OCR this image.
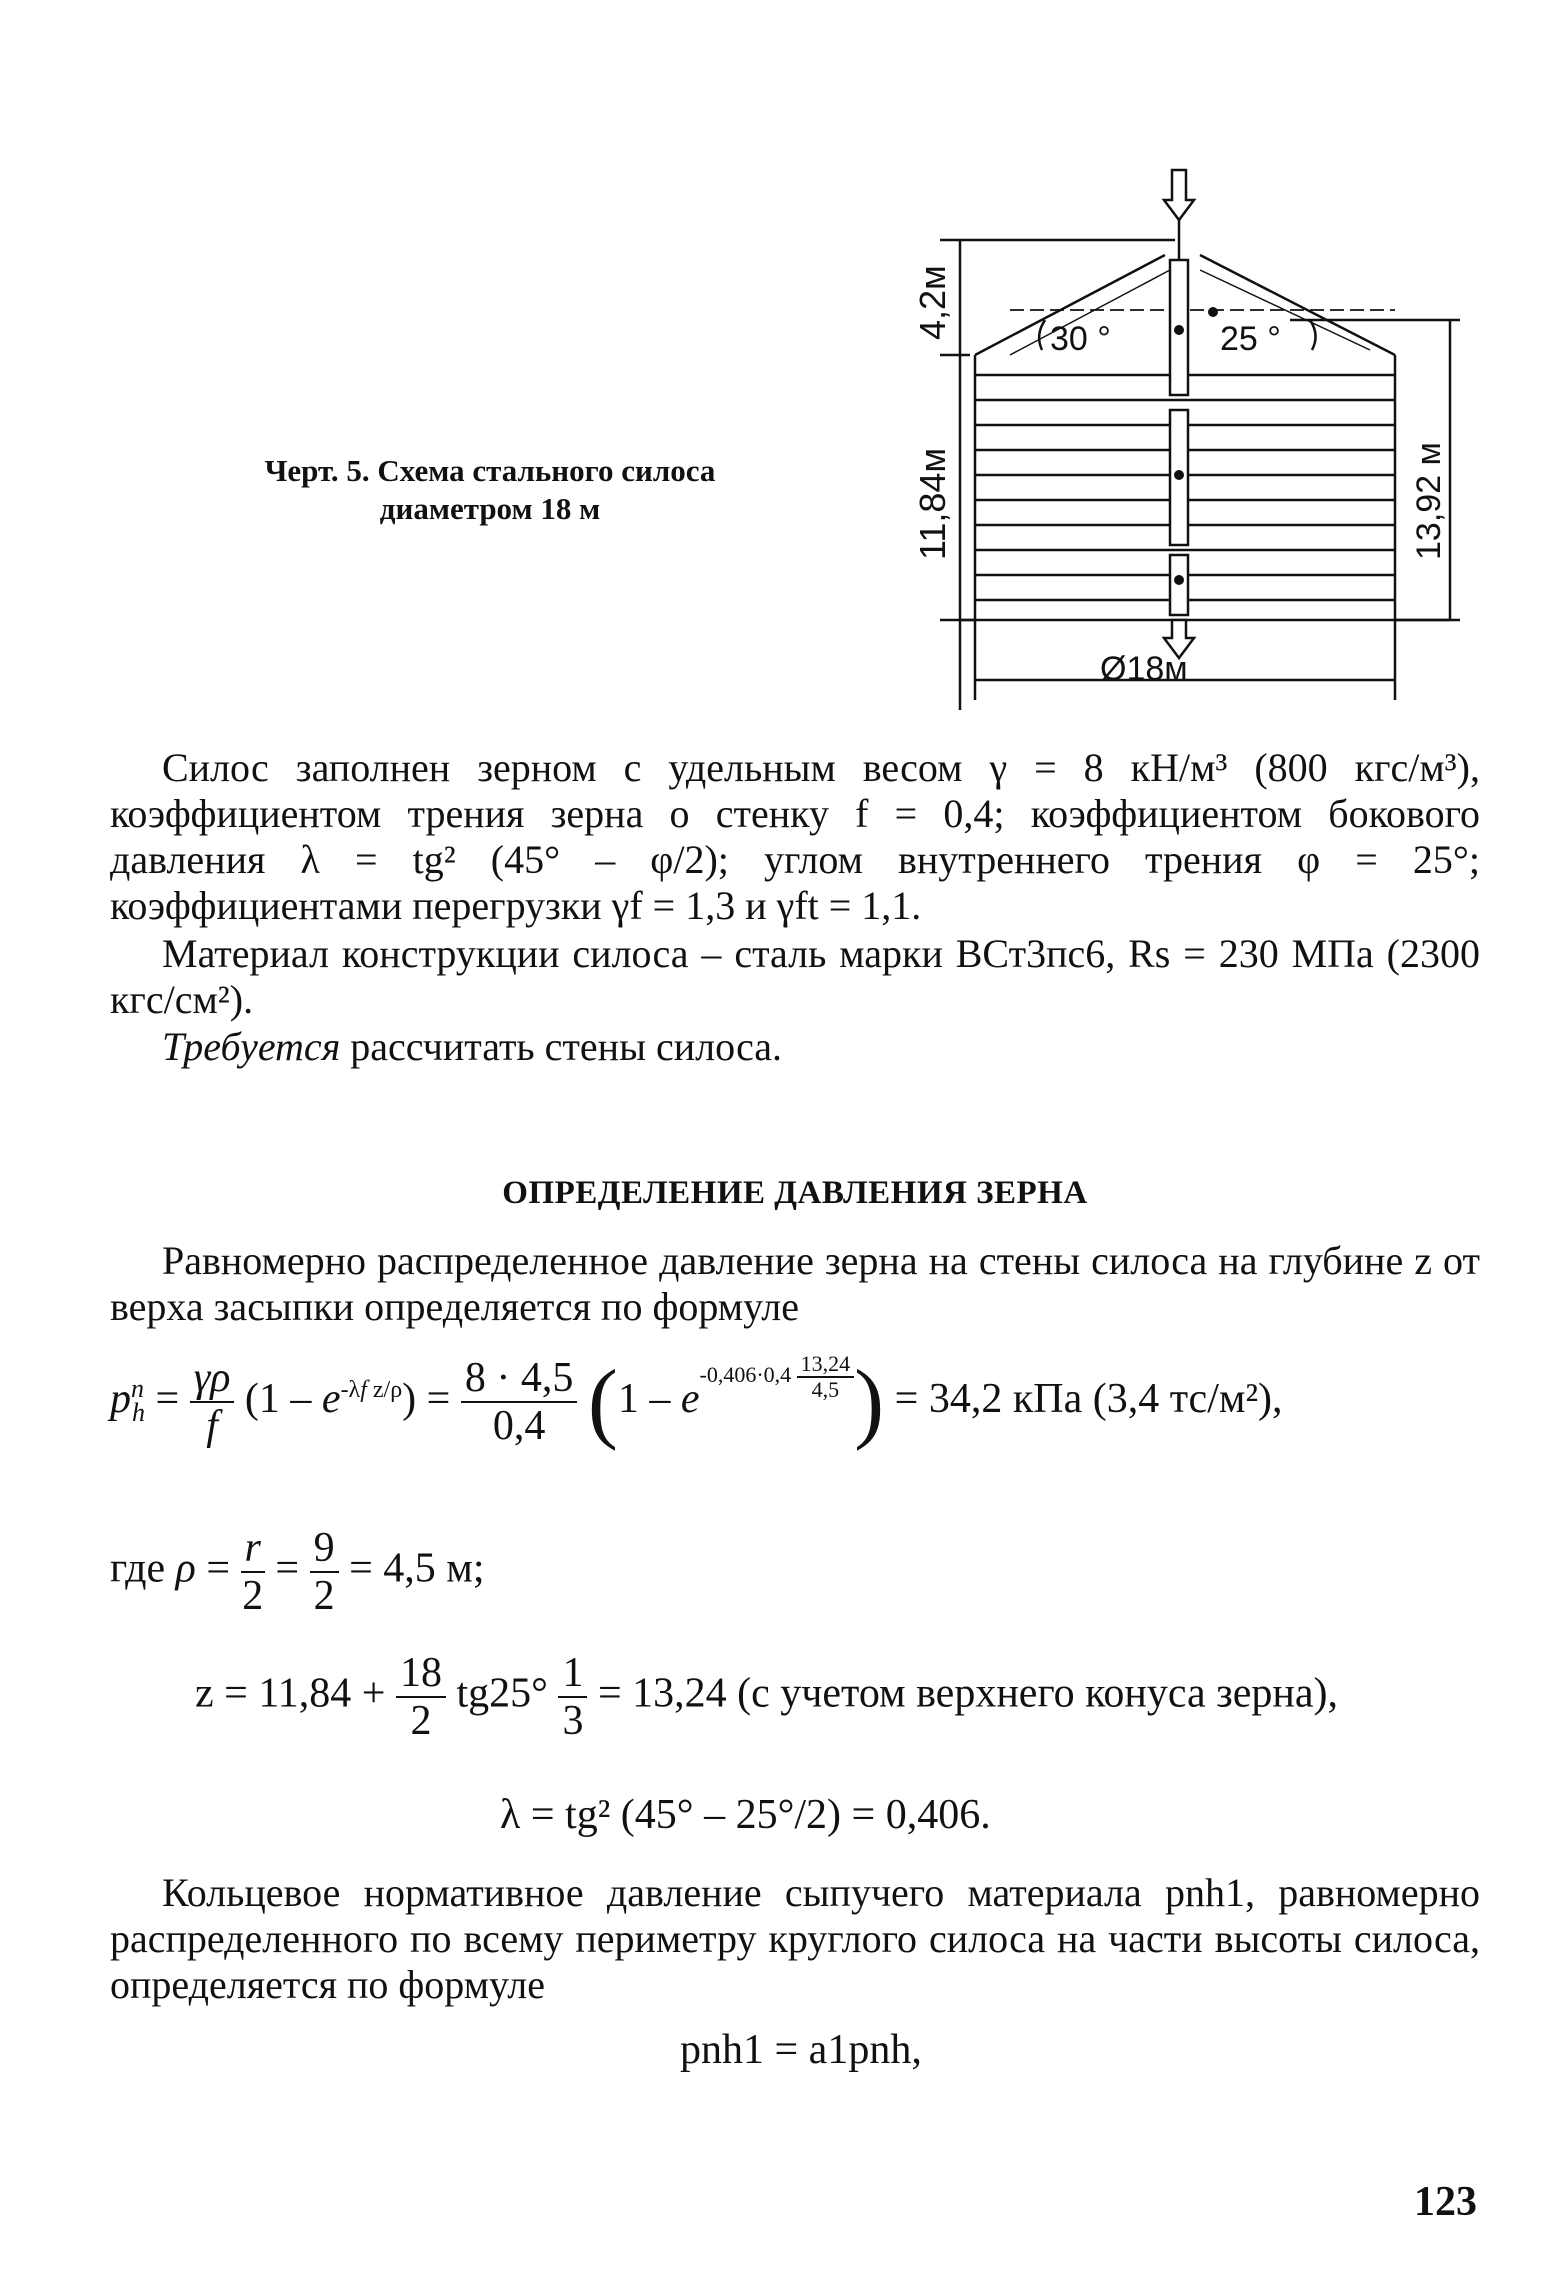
Черт. 5. Схема стального силоса
диаметром 18 м
30 °	25 °
Ø18м
4,2м
11,84м	13,92 м
Силос заполнен зерном с удельным весом γ = 8 кН/м³ (800 кгс/м³), коэффициентом трения зерна о стенку f = 0,4; коэффициентом бокового давления λ = tg² (45° – φ/2); углом внутреннего трения φ = 25°; коэффициентами перегрузки γf = 1,3 и γft = 1,1.
Материал конструкции силоса – сталь марки ВСт3пс6, Rs = 230 МПа (2300 кгс/см²).
Требуется рассчитать стены силоса.
ОПРЕДЕЛЕНИЕ ДАВЛЕНИЯ ЗЕРНА
Равномерно распределенное давление зерна на стены силоса на глубине z от верха засыпки определяется по формуле
$p^n_h = \frac{\gamma\rho}{f} (1 - e^{-\lambda f z/\rho}) = \frac{8 \cdot 4,5}{0,4} (1 - e^{-0,406\cdot 0,4 \frac{13,24}{4,5}}$ ) = 34,2 кПа (3,4 тс/м²),
где $\rho = \frac{r}{2} = \frac{9}{2} = 4,5$ м;
$z = 11,84 + \frac{18}{2} tg25^\circ \frac{1}{3} = 13,24$ (с учетом верхнего конуса зерна),
λ = tg² (45° – 25°/2) = 0,406.
Кольцевое нормативное давление сыпучего материала pnh1, равномерно распределенного по всему периметру круглого силоса на части высоты силоса, определяется по формуле
pnh1 = a1pnh,
123
